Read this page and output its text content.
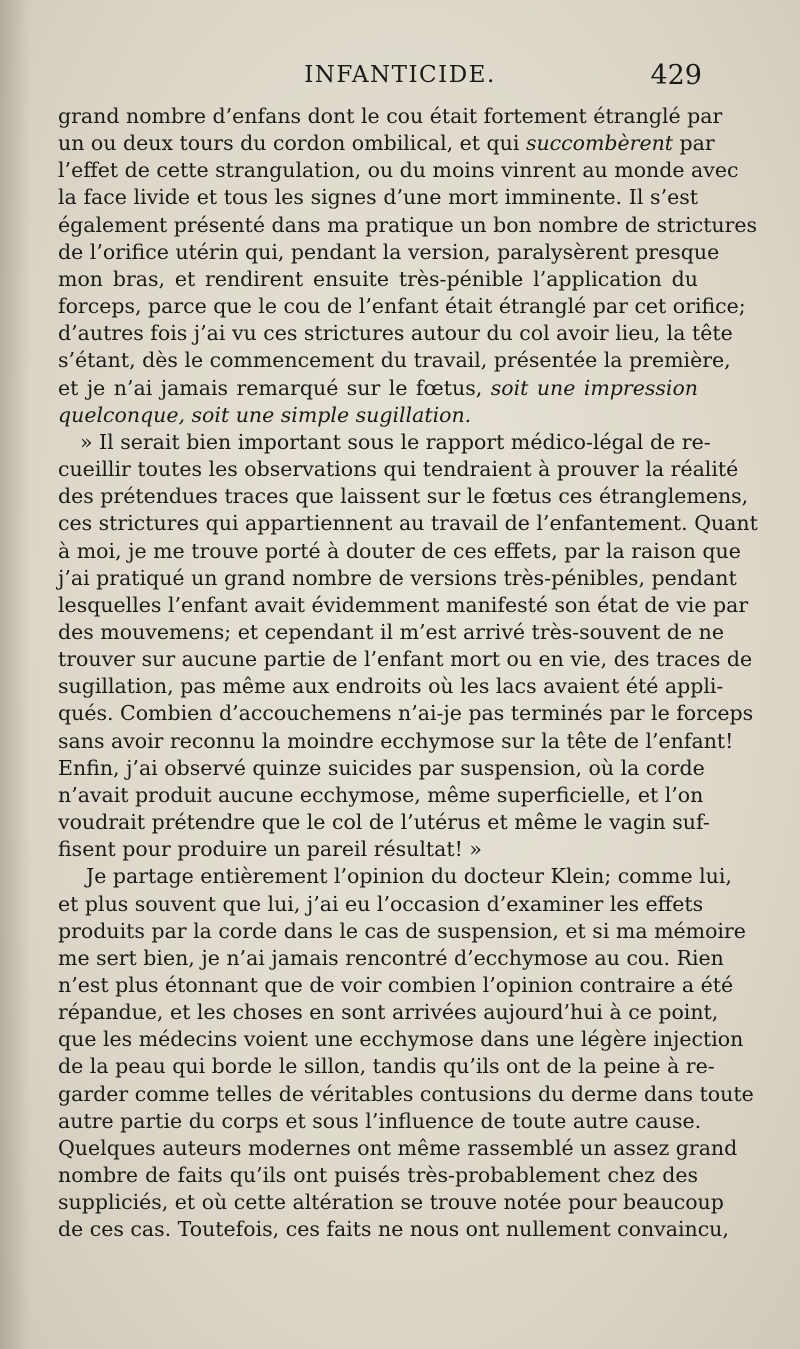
INFANTICIDE.	429
grand nombre d’enfans dont le cou était fortement étranglé par
un ou deux tours du cordon ombilical, et qui succombèrent par
l’effet de cette strangulation, ou du moins vinrent au monde avec
la face livide et tous les signes d’une mort imminente. Il s’est
également présenté dans ma pratique un bon nombre de strictures
de l’orifice utérin qui, pendant la version, paralysèrent presque
mon bras, et rendirent ensuite très-pénible l’application du
forceps, parce que le cou de l’enfant était étranglé par cet orifice;
d’autres fois j’ai vu ces strictures autour du col avoir lieu, la tête
s’étant, dès le commencement du travail, présentée la première,
et je n’ai jamais remarqué sur le fœtus, soit une impression
quelconque, soit une simple sugillation.
» Il serait bien important sous le rapport médico-légal de re-
cueillir toutes les observations qui tendraient à prouver la réalité
des prétendues traces que laissent sur le fœtus ces étranglemens,
ces strictures qui appartiennent au travail de l’enfantement. Quant
à moi, je me trouve porté à douter de ces effets, par la raison que
j’ai pratiqué un grand nombre de versions très-pénibles, pendant
lesquelles l’enfant avait évidemment manifesté son état de vie par
des mouvemens; et cependant il m’est arrivé très-souvent de ne
trouver sur aucune partie de l’enfant mort ou en vie, des traces de
sugillation, pas même aux endroits où les lacs avaient été appli-
qués. Combien d’accouchemens n’ai-je pas terminés par le forceps
sans avoir reconnu la moindre ecchymose sur la tête de l’enfant!
Enfin, j’ai observé quinze suicides par suspension, où la corde
n’avait produit aucune ecchymose, même superficielle, et l’on
voudrait prétendre que le col de l’utérus et même le vagin suf-
fisent pour produire un pareil résultat! »
Je partage entièrement l’opinion du docteur Klein; comme lui,
et plus souvent que lui, j’ai eu l’occasion d’examiner les effets
produits par la corde dans le cas de suspension, et si ma mémoire
me sert bien, je n’ai jamais rencontré d’ecchymose au cou. Rien
n’est plus étonnant que de voir combien l’opinion contraire a été
répandue, et les choses en sont arrivées aujourd’hui à ce point,
que les médecins voient une ecchymose dans une légère injection
de la peau qui borde le sillon, tandis qu’ils ont de la peine à re-
garder comme telles de véritables contusions du derme dans toute
autre partie du corps et sous l’influence de toute autre cause.
Quelques auteurs modernes ont même rassemblé un assez grand
nombre de faits qu’ils ont puisés très-probablement chez des
suppliciés, et où cette altération se trouve notée pour beaucoup
de ces cas. Toutefois, ces faits ne nous ont nullement convaincu,
